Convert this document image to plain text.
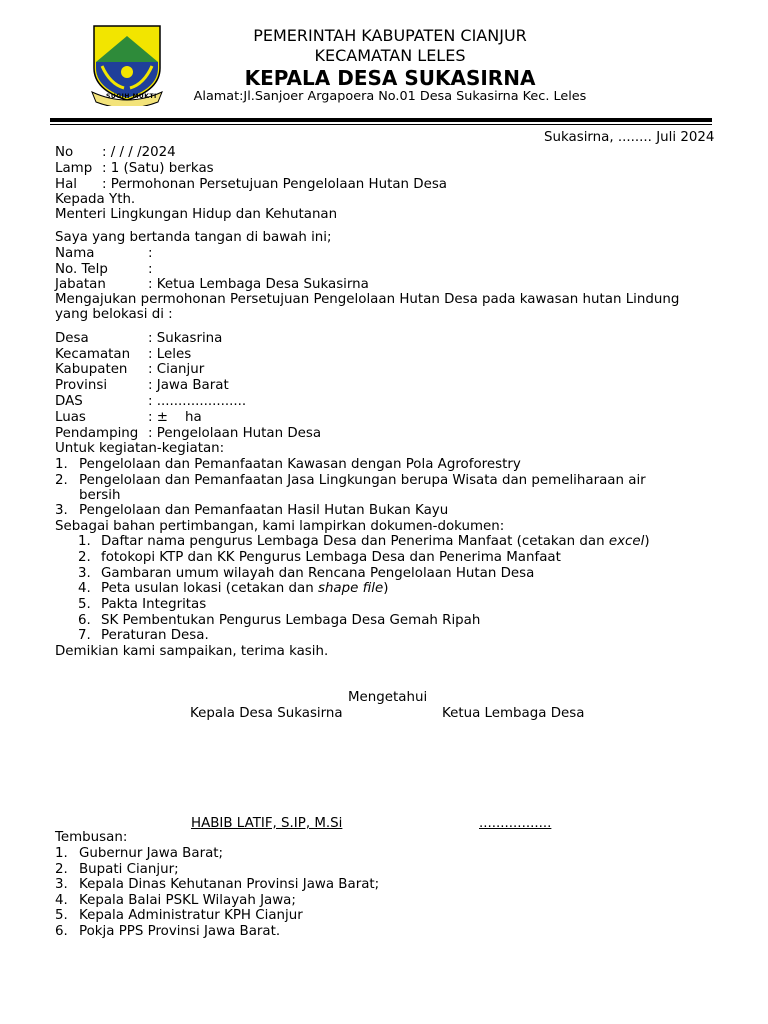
SUGIH MUKTI
PEMERINTAH KABUPATEN CIANJUR
KECAMATAN LELES
KEPALA DESA SUKASIRNA
Alamat:Jl.Sanjoer Argapoera No.01 Desa Sukasirna Kec. Leles
Sukasirna, ........ Juli 2024
No : / / / /2024
Lamp : 1 (Satu) berkas
Hal : Permohonan Persetujuan Pengelolaan Hutan Desa
Kepada Yth.
Menteri Lingkungan Hidup dan Kehutanan
Saya yang bertanda tangan di bawah ini;
Nama	:
No. Telp	:
Jabatan	: Ketua Lembaga Desa Sukasirna
Mengajukan permohonan Persetujuan Pengelolaan Hutan Desa pada kawasan hutan Lindung
yang belokasi di :
Desa	: Sukasrina
Kecamatan : Leles
Kabupaten : Cianjur
Provinsi	: Jawa Barat
DAS	: .....................
Luas	: ±    ha
Pendamping : Pengelolaan Hutan Desa
Untuk kegiatan-kegiatan:
1. Pengelolaan dan Pemanfaatan Kawasan dengan Pola Agroforestry
2. Pengelolaan dan Pemanfaatan Jasa Lingkungan berupa Wisata dan pemeliharaan air
bersih
3. Pengelolaan dan Pemanfaatan Hasil Hutan Bukan Kayu
Sebagai bahan pertimbangan, kami lampirkan dokumen-dokumen:
1. Daftar nama pengurus Lembaga Desa dan Penerima Manfaat (cetakan dan excel)
2. fotokopi KTP dan KK Pengurus Lembaga Desa dan Penerima Manfaat
3. Gambaran umum wilayah dan Rencana Pengelolaan Hutan Desa
4. Peta usulan lokasi (cetakan dan shape file)
5. Pakta Integritas
6. SK Pembentukan Pengurus Lembaga Desa Gemah Ripah
7. Peraturan Desa.
Demikian kami sampaikan, terima kasih.
Mengetahui
Kepala Desa Sukasirna	Ketua Lembaga Desa
HABIB LATIF, S.IP, M.Si	.................
Tembusan:
1. Gubernur Jawa Barat;
2. Bupati Cianjur;
3. Kepala Dinas Kehutanan Provinsi Jawa Barat;
4. Kepala Balai PSKL Wilayah Jawa;
5. Kepala Administratur KPH Cianjur
6. Pokja PPS Provinsi Jawa Barat.
